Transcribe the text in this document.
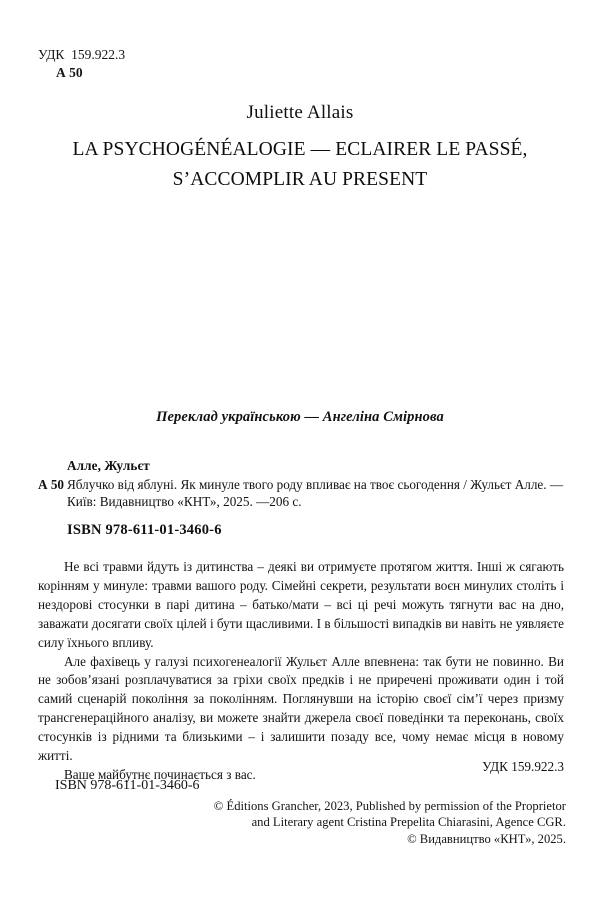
УДК  159.922.3
А 50
Juliette Allais
LA PSYCHOGÉNÉALOGIE — ECLAIRER LE PASSÉ,
S’ACCOMPLIR AU PRESENT
Переклад українською — Ангеліна Смірнова
Алле, Жульєт
А 50 Яблучко від яблуні. Як минуле твого роду впливає на твоє сьогодення / Жульєт Алле. — Київ: Видавництво «КНТ», 2025. —206 с.
ISBN 978-611-01-3460-6

Не всі травми йдуть із дитинства – деякі ви отримуєте протягом життя. Інші ж сягають корінням у минуле: травми вашого роду. Сімейні секрети, результати воєн минулих століть і нездорові стосунки в парі дитина – батько/мати – всі ці речі можуть тягнути вас на дно, заважати досягати своїх цілей і бути щасливими. І в більшості випадків ви навіть не уявляєте силу їхнього впливу.

Але фахівець у галузі психогенеалогії Жульєт Алле впевнена: так бути не повинно. Ви не зобов’язані розплачуватися за гріхи своїх предків і не приречені проживати один і той самий сценарій покоління за поколінням. Поглянувши на історію своєї сім’ї через призму трансгенераційного аналізу, ви можете знайти джерела своєї поведінки та переконань, своїх стосунків із рідними та близькими – і залишити позаду все, чому немає місця в новому житті.

Ваше майбутнє починається з вас.

УДК 159.922.3
ISBN 978-611-01-3460-6
© Éditions Grancher, 2023, Published by permission of the Proprietor
and Literary agent Cristina Prepelita Chiarasini, Agence CGR.
© Видавництво «КНТ», 2025.
